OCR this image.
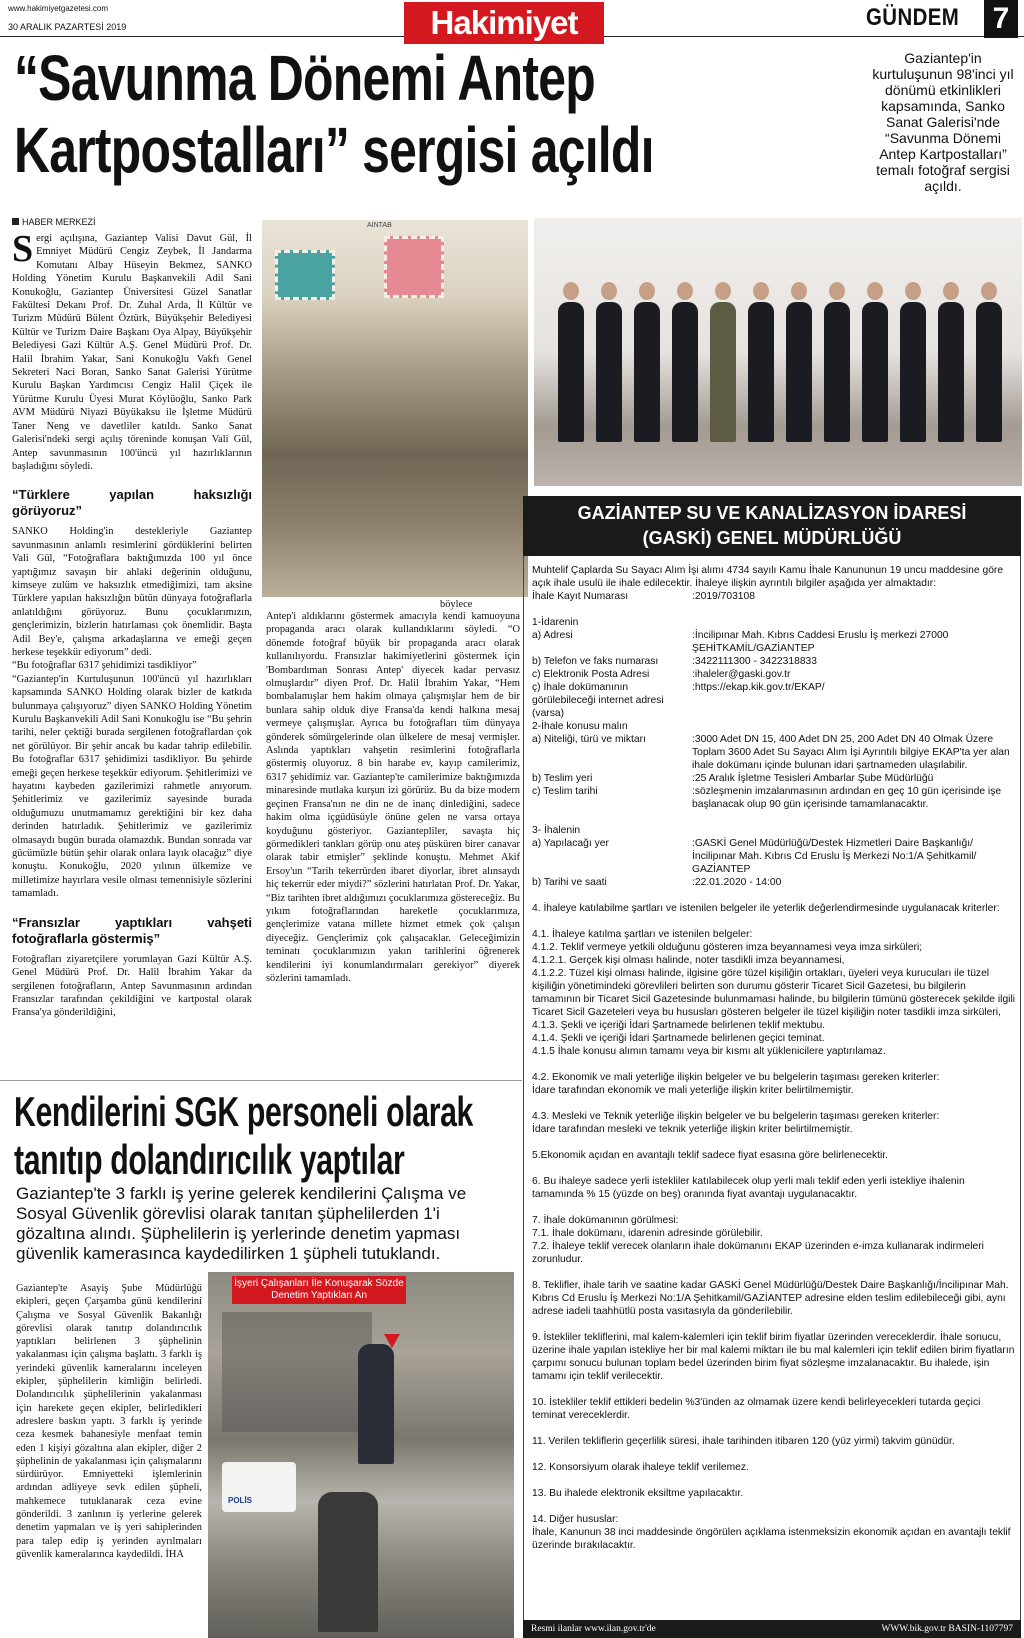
www.hakimiyetgazetesi.com
30 ARALIK PAZARTESİ 2019	Hakimiyet	GÜNDEM 7
“Savunma Dönemi Antep Kartpostalları” sergisi açıldı
Gaziantep'in kurtuluşunun 98'inci yıl dönümü etkinlikleri kapsamında, Sanko Sanat Galerisi'nde “Savunma Dönemi Antep Kartpostalları” temalı fotoğraf sergisi açıldı.
HABER MERKEZİ

Sergi açılışına, Gaziantep Valisi Davut Gül, İl Emniyet Müdürü Cengiz Zeybek, İl Jandarma Komutanı Albay Hüseyin Bekmez, SANKO Holding Yönetim Kurulu Başkanvekili Adil Sani Konukoğlu, Gaziantep Üniversitesi Güzel Sanatlar Fakültesi Dekanı Prof. Dr. Zuhal Arda, İl Kültür ve Turizm Müdürü Bülent Öztürk, Büyükşehir Belediyesi Kültür ve Turizm Daire Başkanı Oya Alpay, Büyükşehir Belediyesi Gazi Kültür A.Ş. Genel Müdürü Prof. Dr. Halil İbrahim Yakar, Sani Konukoğlu Vakfı Genel Sekreteri Naci Boran, Sanko Sanat Galerisi Yürütme Kurulu Başkan Yardımcısı Cengiz Halil Çiçek ile Yürütme Kurulu Üyesi Murat Köylüoğlu, Sanko Park AVM Müdürü Niyazi Büyükaksu ile İşletme Müdürü Taner Neng ve davetliler katıldı. Sanko Sanat Galerisi'ndeki sergi açılış töreninde konuşan Vali Gül, Antep savunmasının 100'üncü yıl hazırlıklarının başladığını söyledi.

“Türklere yapılan haksızlığı görüyoruz”

SANKO Holding'in destekleriyle Gaziantep savunmasının anlamlı resimlerini gördüklerini belirten Vali Gül, “Fotoğraflara baktığımızda 100 yıl önce yaptığımız savaşın bir ahlaki değerinin olduğunu, kimseye zulüm ve haksızlık etmediğimizi, tam aksine Türklere yapılan haksızlığın bütün dünyaya fotoğraflarla anlatıldığını görüyoruz. Bunu çocuklarımızın, gençlerimizin, bizlerin hatırlaması çok önemlidir. Başta Adil Bey'e, çalışma arkadaşlarına ve emeği geçen herkese teşekkür ediyorum” dedi.

“Bu fotoğraflar 6317 şehidimizi tasdikliyor”

“Gaziantep'in Kurtuluşunun 100'üncü yıl hazırlıkları kapsamında SANKO Holding olarak bizler de katkıda bulunmaya çalışıyoruz” diyen SANKO Holding Yönetim Kurulu Başkanvekili Adil Sani Konukoğlu ise “Bu şehrin tarihi, neler çektiği burada sergilenen fotoğraflardan çok net görülüyor. Bir şehir ancak bu kadar tahrip edilebilir. Bu fotoğraflar 6317 şehidimizi tasdikliyor. Bu şehirde emeği geçen herkese teşekkür ediyorum. Şehitlerimizi ve hayatını kaybeden gazilerimizi rahmetle anıyorum. Şehitlerimiz ve gazilerimiz sayesinde burada olduğumuzu unutmamamız gerektiğini bir kez daha derinden hatırladık. Şehitlerimiz ve gazilerimiz olmasaydı bugün burada olamazdık. Bundan sonrada var gücümüzle bütün şehir olarak onlara layık olacağız” diye konuştu. Konukoğlu, 2020 yılının ülkemize ve milletimize hayırlara vesile olması temennisiyle sözlerini tamamladı.

“Fransızlar yaptıkları vahşeti fotoğraflarla göstermiş”

Fotoğrafları ziyaretçilere yorumlayan Gazi Kültür A.Ş. Genel Müdürü Prof. Dr. Halil İbrahim Yakar da sergilenen fotoğrafların, Antep Savunmasının ardından Fransızlar tarafından çekildiğini ve kartpostal olarak Fransa'ya gönderildiğini,

AINTAB
böylece
Antep'i aldıklarını göstermek amacıyla kendi kamuoyuna propaganda aracı olarak kullandıklarını söyledi. “O dönemde fotoğraf büyük bir propaganda aracı olarak kullanılıyordu. Fransızlar hakimiyetlerini göstermek için 'Bombardıman Sonrası Antep' diyecek kadar pervasız olmuşlardır” diyen Prof. Dr. Halil İbrahim Yakar, “Hem bombalamışlar hem hakim olmaya çalışmışlar hem de bir bunlara sahip olduk diye Fransa'da kendi halkına mesaj vermeye çalışmışlar. Ayrıca bu fotoğrafları tüm dünyaya gönderek sömürgelerinde olan ülkelere de mesaj vermişler. Aslında yaptıkları vahşetin resimlerini fotoğraflarla göstermiş oluyoruz. 8 bin harabe ev, kayıp camilerimiz, 6317 şehidimiz var. Gaziantep'te camilerimize baktığımızda minaresinde mutlaka kurşun izi görürüz. Bu da bize modern geçinen Fransa'nın ne din ne de inanç dinlediğini, sadece hakim olma içgüdüsüyle önüne gelen ne varsa ortaya koyduğunu gösteriyor. Gaziantepliler, savaşta hiç görmedikleri tankları görüp onu ateş püsküren birer canavar olarak tabir etmişler” şeklinde konuştu. Mehmet Akif Ersoy'un “Tarih tekerrürden ibaret diyorlar, ibret alınsaydı hiç tekerrür eder miydi?” sözlerini hatırlatan Prof. Dr. Yakar, “Biz tarihten ibret aldığımızı çocuklarımıza göstereceğiz. Bu yıkım fotoğraflarından hareketle çocuklarımıza, gençlerimize vatana millete hizmet etmek çok çalışın diyeceğiz. Gençlerimiz çok çalışacaklar. Geleceğimizin teminatı çocuklarımızın yakın tarihlerini öğrenerek kendilerini iyi konumlandırmaları gerekiyor” diyerek sözlerini tamamladı.
GAZİANTEP SU VE KANALİZASYON İDARESİ
(GASKİ) GENEL MÜDÜRLÜĞÜ

Muhtelif Çaplarda Su Sayacı Alım İşi alımı 4734 sayılı Kamu İhale Kanununun 19 uncu maddesine göre açık ihale usulü ile ihale edilecektir. İhaleye ilişkin ayrıntılı bilgiler aşağıda yer almaktadır:

İhale Kayıt Numarası	:2019/703108

1-İdarenin

a) Adresi	:İncilipınar Mah. Kıbrıs Caddesi Eruslu İş merkezi 27000 ŞEHİTKAMİL/GAZİANTEP
b) Telefon ve faks numarası	:3422111300 - 3422318833
c) Elektronik Posta Adresi	:ihaleler@gaski.gov.tr
ç) İhale dokümanının görülebileceği internet adresi (varsa)
:https://ekap.kik.gov.tr/EKAP/

2-İhale konusu malın

a) Niteliği, türü ve miktarı	:3000 Adet DN 15, 400 Adet DN 25, 200 Adet DN 40 Olmak Üzere Toplam 3600 Adet Su Sayacı Alım İşi Ayrıntılı bilgiye EKAP'ta yer alan ihale dokümanı içinde bulunan idari şartnameden ulaşılabilir.
b) Teslim yeri	:25 Aralık İşletme Tesisleri Ambarlar Şube Müdürlüğü
c) Teslim tarihi	:sözleşmenin imzalanmasının ardından en geç 10 gün içerisinde işe başlanacak olup 90 gün içerisinde tamamlanacaktır.

3- İhalenin

a) Yapılacağı yer	:GASKİ Genel Müdürlüğü/Destek Hizmetleri Daire Başkanlığı/ İncilipınar Mah. Kıbrıs Cd Eruslu İş Merkezi No:1/A Şehitkamil/ GAZİANTEP
b) Tarihi ve saati	:22.01.2020 - 14:00

4. İhaleye katılabilme şartları ve istenilen belgeler ile yeterlik değerlendirmesinde uygulanacak kriterler:

4.1. İhaleye katılma şartları ve istenilen belgeler:
4.1.2. Teklif vermeye yetkili olduğunu gösteren imza beyannamesi veya imza sirküleri;
4.1.2.1. Gerçek kişi olması halinde, noter tasdikli imza beyannamesi,
4.1.2.2. Tüzel kişi olması halinde, ilgisine göre tüzel kişiliğin ortakları, üyeleri veya kurucuları ile tüzel kişiliğin yönetimindeki görevlileri belirten son durumu gösterir Ticaret Sicil Gazetesi, bu bilgilerin tamamının bir Ticaret Sicil Gazetesinde bulunmaması halinde, bu bilgilerin tümünü gösterecek şekilde ilgili Ticaret Sicil Gazeteleri veya bu hususları gösteren belgeler ile tüzel kişiliğin noter tasdikli imza sirküleri,
4.1.3. Şekli ve içeriği İdari Şartnamede belirlenen teklif mektubu.
4.1.4. Şekli ve içeriği İdari Şartnamede belirlenen geçici teminat.
4.1.5 İhale konusu alımın tamamı veya bir kısmı alt yüklenicilere yaptırılamaz.

4.2. Ekonomik ve mali yeterliğe ilişkin belgeler ve bu belgelerin taşıması gereken kriterler:
İdare tarafından ekonomik ve mali yeterliğe ilişkin kriter belirtilmemiştir.

4.3. Mesleki ve Teknik yeterliğe ilişkin belgeler ve bu belgelerin taşıması gereken kriterler:
İdare tarafından mesleki ve teknik yeterliğe ilişkin kriter belirtilmemiştir.

5.Ekonomik açıdan en avantajlı teklif sadece fiyat esasına göre belirlenecektir.

6. Bu ihaleye sadece yerli istekliler katılabilecek olup yerli malı teklif eden yerli istekliye ihalenin tamamında % 15 (yüzde on beş) oranında fiyat avantajı uygulanacaktır.

7. İhale dokümanının görülmesi:
7.1. İhale dokümanı, idarenin adresinde görülebilir.
7.2. İhaleye teklif verecek olanların ihale dokümanını EKAP üzerinden e-imza kullanarak indirmeleri zorunludur.

8. Teklifler, ihale tarih ve saatine kadar GASKİ Genel Müdürlüğü/Destek Daire Başkanlığı/İncilipınar Mah. Kıbrıs Cd Eruslu İş Merkezi No:1/A Şehitkamil/GAZİANTEP adresine elden teslim edilebileceği gibi, aynı adrese iadeli taahhütlü posta vasıtasıyla da gönderilebilir.

9. İstekliler tekliflerini, mal kalem-kalemleri için teklif birim fiyatlar üzerinden vereceklerdir. İhale sonucu, üzerine ihale yapılan istekliye her bir mal kalemi miktarı ile bu mal kalemleri için teklif edilen birim fiyatların çarpımı sonucu bulunan toplam bedel üzerinden birim fiyat sözleşme imzalanacaktır. Bu ihalede, işin tamamı için teklif verilecektir.

10. İstekliler teklif ettikleri bedelin %3'ünden az olmamak üzere kendi belirleyecekleri tutarda geçici teminat vereceklerdir.

11. Verilen tekliflerin geçerlilik süresi, ihale tarihinden itibaren 120 (yüz yirmi) takvim günüdür.

12. Konsorsiyum olarak ihaleye teklif verilemez.

13. Bu ihalede elektronik eksiltme yapılacaktır.

14. Diğer hususlar:
İhale, Kanunun 38 inci maddesinde öngörülen açıklama istenmeksizin ekonomik açıdan en avantajlı teklif üzerinde bırakılacaktır.

Resmi ilanlar www.ilan.gov.tr'de	WWW.bik.gov.tr BASIN-1107797
Kendilerini SGK personeli olarak tanıtıp dolandırıcılık yaptılar
Gaziantep'te 3 farklı iş yerine gelerek kendilerini Çalışma ve Sosyal Güvenlik görevlisi olarak tanıtan şüphelilerden 1'i gözaltına alındı. Şüphelilerin iş yerlerinde denetim yapması güvenlik kamerasınca kaydedilirken 1 şüpheli tutuklandı.
Gaziantep'te Asayiş Şube Müdürlüğü ekipleri, geçen Çarşamba günü kendilerini Çalışma ve Sosyal Güvenlik Bakanlığı görevlisi olarak tanıtıp dolandırıcılık yaptıkları belirlenen 3 şüphelinin yakalanması için çalışma başlattı. 3 farklı iş yerindeki güvenlik kameralarını inceleyen ekipler, şüphelilerin kimliğin belirledi. Dolandırıcılık şüphelilerinin yakalanması için harekete geçen ekipler, belirledikleri adreslere baskın yaptı. 3 farklı iş yerinde ceza kesmek bahanesiyle menfaat temin eden 1 kişiyi gözaltına alan ekipler, diğer 2 şüphelinin de yakalanması için çalışmalarını sürdürüyor. Emniyetteki işlemlerinin ardından adliyeye sevk edilen şüpheli, mahkemece tutuklanarak ceza evine gönderildi. 3 zanlının iş yerlerine gelerek denetim yapmaları ve iş yeri sahiplerinden para talep edip iş yerinden ayrılmaları güvenlik kameralarınca kaydedildi. İHA
POLİS
İşyeri Çalışanları İle Konuşarak Sözde Denetim Yaptıkları An
